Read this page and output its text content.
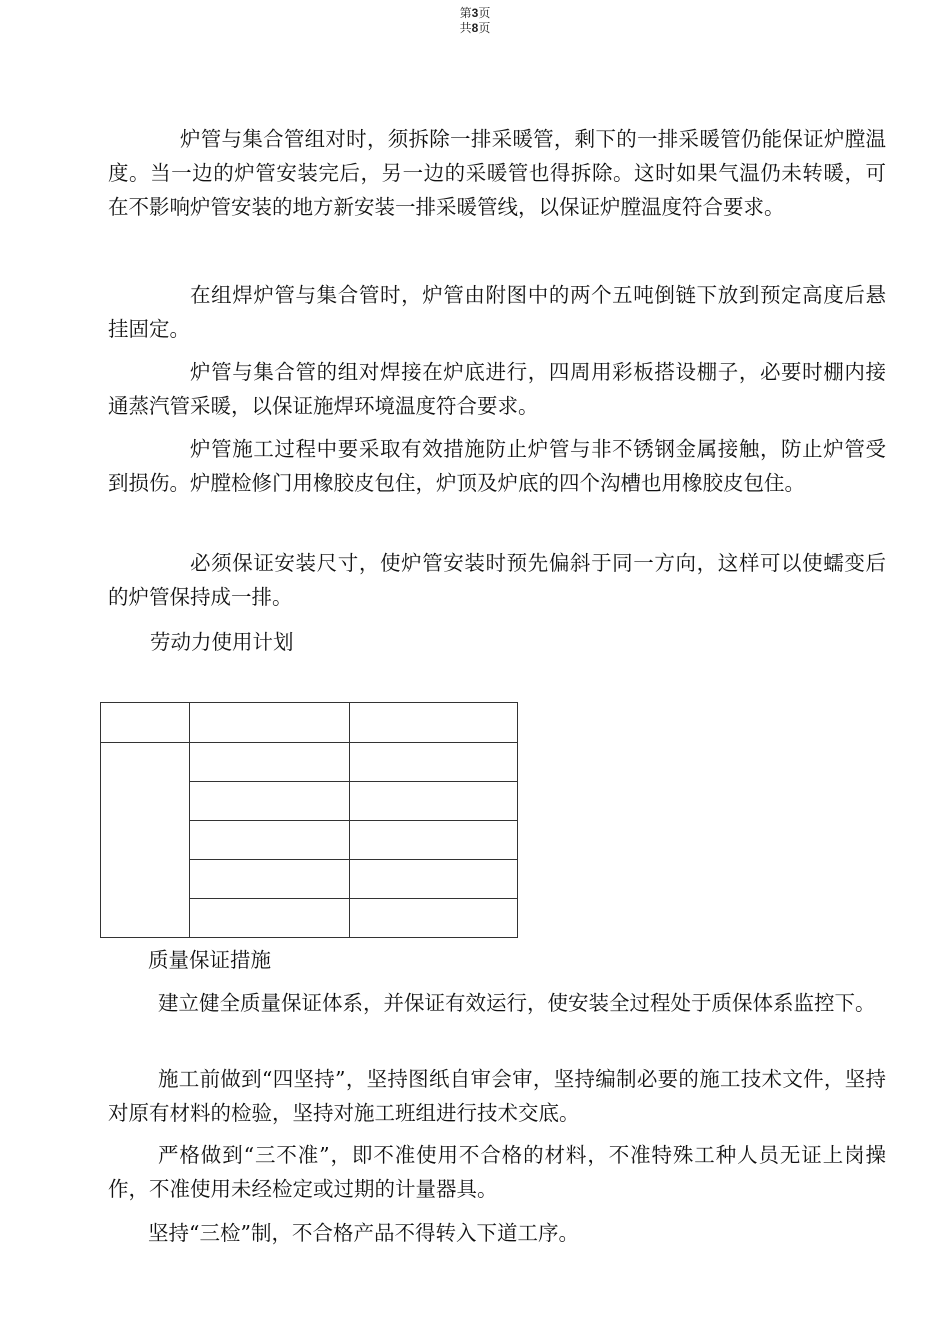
第3页
共8页

炉管与集合管组对时，须拆除一排采暖管，剩下的一排采暖管仍能保证炉膛温度。当一边的炉管安装完后，另一边的采暖管也得拆除。这时如果气温仍未转暖，可在不影响炉管安装的地方新安装一排采暖管线，以保证炉膛温度符合要求。

在组焊炉管与集合管时，炉管由附图中的两个五吨倒链下放到预定高度后悬挂固定。

炉管与集合管的组对焊接在炉底进行，四周用彩板搭设棚子，必要时棚内接通蒸汽管采暖，以保证施焊环境温度符合要求。

炉管施工过程中要采取有效措施防止炉管与非不锈钢金属接触，防止炉管受到损伤。炉膛检修门用橡胶皮包住，炉顶及炉底的四个沟槽也用橡胶皮包住。

必须保证安装尺寸，使炉管安装时预先偏斜于同一方向，这样可以使蠕变后的炉管保持成一排。

劳动力使用计划

质量保证措施

建立健全质量保证体系，并保证有效运行，使安装全过程处于质保体系监控下。

施工前做到“四坚持”，坚持图纸自审会审，坚持编制必要的施工技术文件，坚持对原有材料的检验，坚持对施工班组进行技术交底。

严格做到“三不准”，即不准使用不合格的材料，不准特殊工种人员无证上岗操作，不准使用未经检定或过期的计量器具。

坚持“三检”制，不合格产品不得转入下道工序。
